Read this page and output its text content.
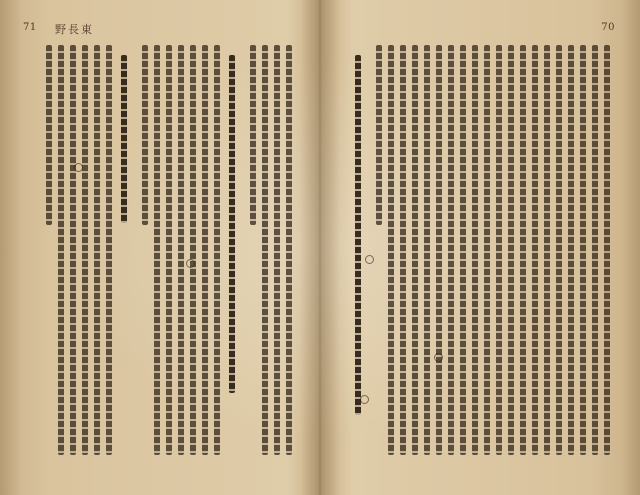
71 野長東	70
